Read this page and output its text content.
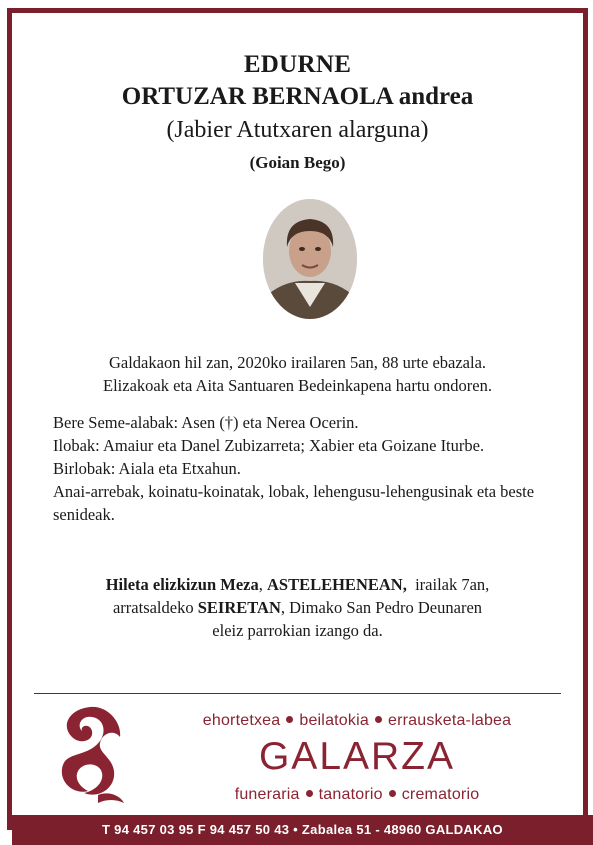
EDURNE
ORTUZAR BERNAOLA andrea
(Jabier Atutxaren alarguna)
(Goian Bego)
Galdakaon hil zan, 2020ko irailaren 5an, 88 urte ebazala.
Elizakoak eta Aita Santuaren Bedeinkapena hartu ondoren.
Bere Seme-alabak: Asen (†) eta Nerea Ocerin.
Ilobak: Amaiur eta Danel Zubizarreta; Xabier eta Goizane Iturbe.
Birlobak: Aiala eta Etxahun.
Anai-arrebak, koinatu-koinatak, lobak, lehengusu-lehengusinak eta beste senideak.
Hileta elizkizun Meza, ASTELEHENEAN,  irailak 7an,
arratsaldeko SEIRETAN, Dimako San Pedro Deunaren
eleiz parrokian izango da.
ehortetxea beilatokia errausketa-labea
GALARZA
funeraria tanatorio crematorio
T 94 457 03 95 F 94 457 50 43 • Zabalea 51 - 48960 GALDAKAO
